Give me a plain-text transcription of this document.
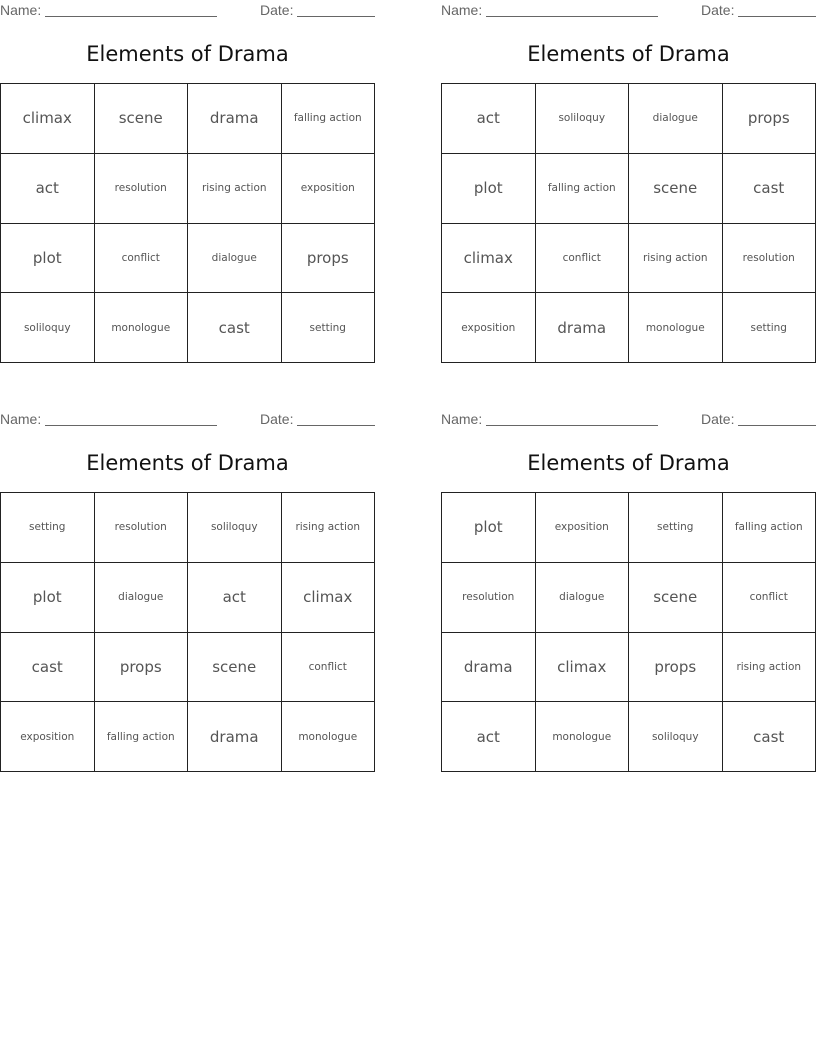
Name:	Date:
Elements of Drama
climax	scene	drama	falling action
act	resolution	rising action	exposition
plot	conflict	dialogue	props
soliloquy	monologue	cast	setting
Name:	Date:
Elements of Drama
act	soliloquy	dialogue	props
plot	falling action	scene	cast
climax	conflict	rising action	resolution
exposition	drama	monologue	setting
Name:	Date:
Elements of Drama
setting	resolution	soliloquy	rising action
plot	dialogue	act	climax
cast	props	scene	conflict
exposition	falling action	drama	monologue
Name:	Date:
Elements of Drama
plot	exposition	setting	falling action
resolution	dialogue	scene	conflict
drama	climax	props	rising action
act	monologue	soliloquy	cast
